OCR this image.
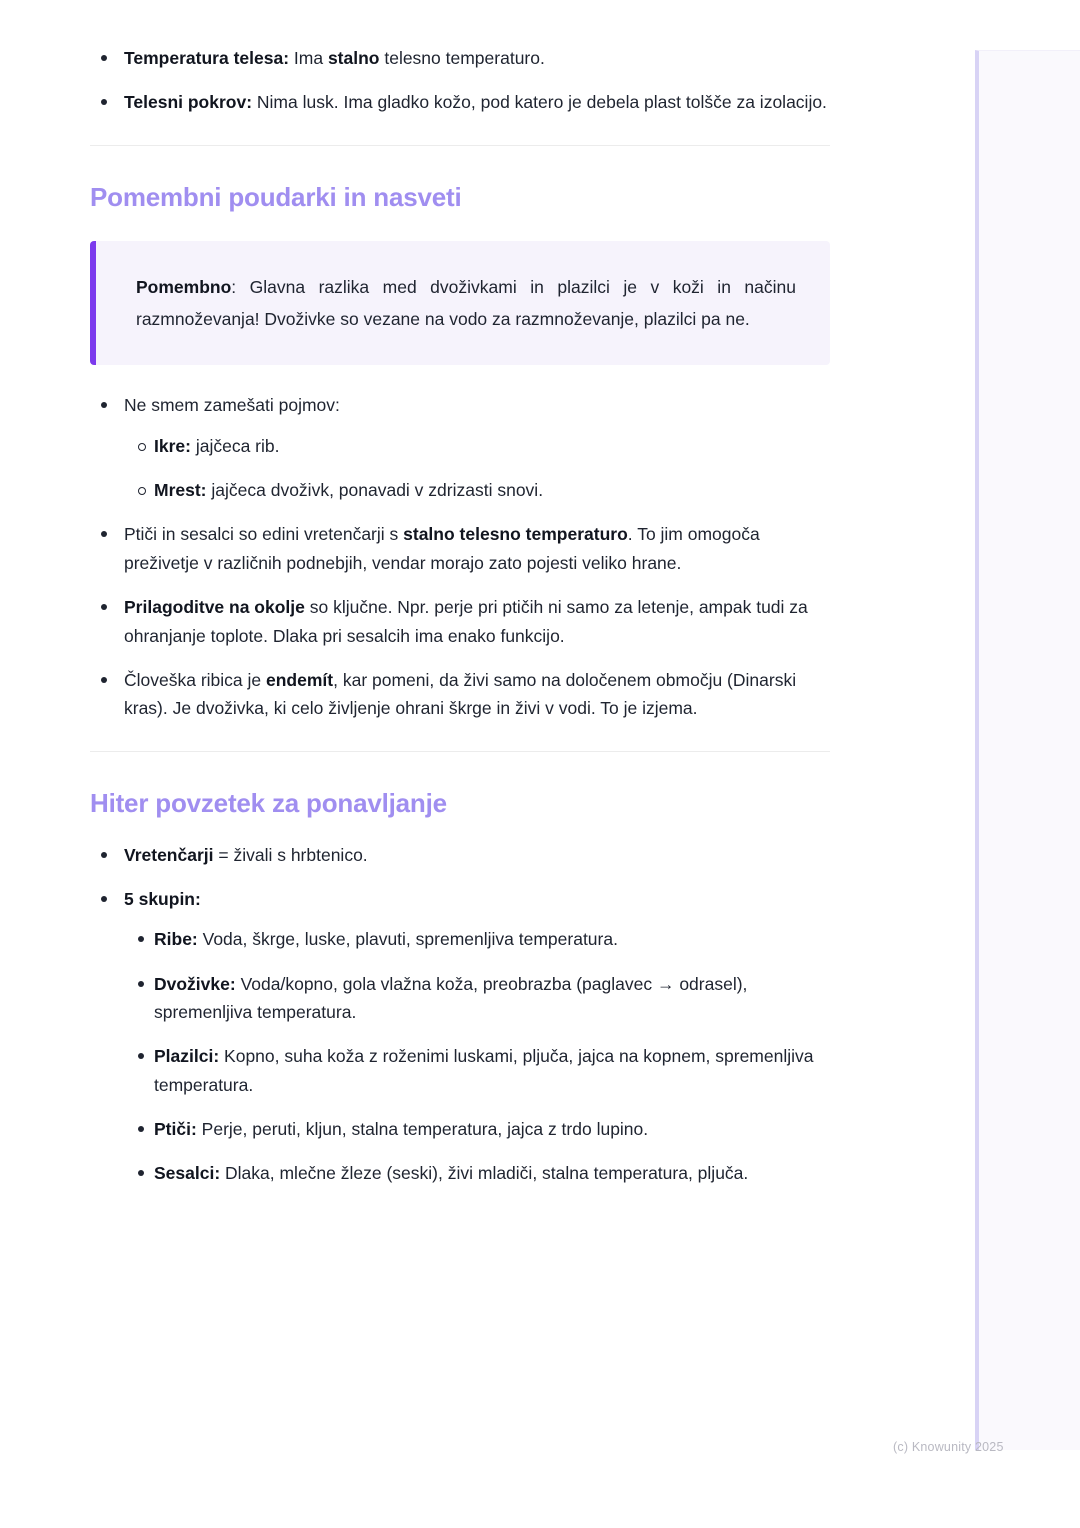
Temperatura telesa: Ima stalno telesno temperaturo.
Telesni pokrov: Nima lusk. Ima gladko kožo, pod katero je debela plast tolšče za izolacijo.
Pomembni poudarki in nasveti

Pomembno: Glavna razlika med dvoživkami in plazilci je v koži in načinu razmnoževanja! Dvoživke so vezane na vodo za razmnoževanje, plazilci pa ne.

Ne smem zamešati pojmov:
Ikre: jajčeca rib.
Mrest: jajčeca dvoživk, ponavadi v zdrizasti snovi.
Ptiči in sesalci so edini vretenčarji s stalno telesno temperaturo. To jim omogoča preživetje v različnih podnebjih, vendar morajo zato pojesti veliko hrane.
Prilagoditve na okolje so ključne. Npr. perje pri ptičih ni samo za letenje, ampak tudi za ohranjanje toplote. Dlaka pri sesalcih ima enako funkcijo.
Človeška ribica je endemít, kar pomeni, da živi samo na določenem območju (Dinarski kras). Je dvoživka, ki celo življenje ohrani škrge in živi v vodi. To je izjema.
Hiter povzetek za ponavljanje
Vretenčarji = živali s hrbtenico.
5 skupin:
Ribe: Voda, škrge, luske, plavuti, spremenljiva temperatura.
Dvoživke: Voda/kopno, gola vlažna koža, preobrazba (paglavec → odrasel), spremenljiva temperatura.
Plazilci: Kopno, suha koža z roženimi luskami, pljuča, jajca na kopnem, spremenljiva temperatura.
Ptiči: Perje, peruti, kljun, stalna temperatura, jajca z trdo lupino.
Sesalci: Dlaka, mlečne žleze (seski), živi mladiči, stalna temperatura, pljuča.
(c) Knowunity 2025
